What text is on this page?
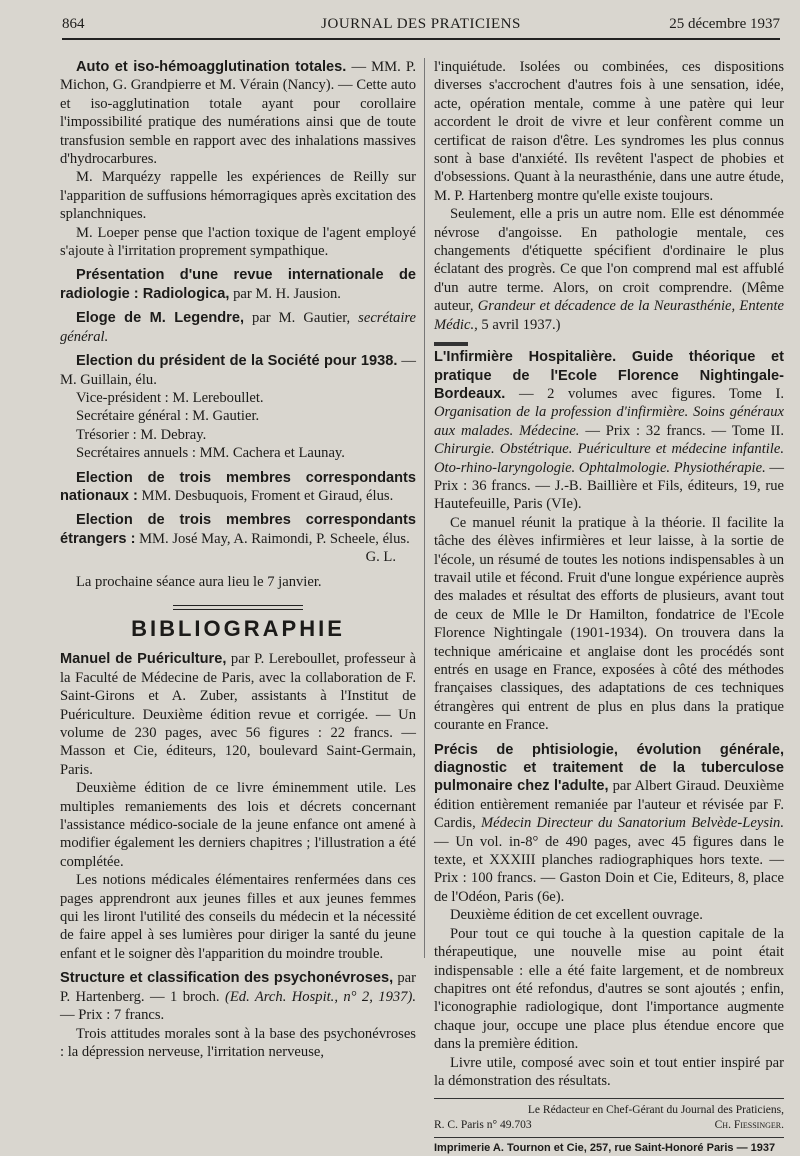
864	JOURNAL DES PRATICIENS	25 décembre 1937

Auto et iso-hémoagglutination totales. — MM. P. Michon, G. Grandpierre et M. Vérain (Nancy). — Cette auto et iso-agglutination totale ayant pour corollaire l'impossibilité pratique des numérations ainsi que de toute transfusion semble en rapport avec des inhalations massives d'hydrocarbures.

M. Marquézy rappelle les expériences de Reilly sur l'apparition de suffusions hémorragiques après excitation des splanchniques.

M. Loeper pense que l'action toxique de l'agent employé s'ajoute à l'irritation proprement sympathique.

Présentation d'une revue internationale de radiologie : Radiologica, par M. H. Jausion.

Eloge de M. Legendre, par M. Gautier, secrétaire général.

Election du président de la Société pour 1938. — M. Guillain, élu.

Vice-président : M. Lereboullet.

Secrétaire général : M. Gautier.

Trésorier : M. Debray.

Secrétaires annuels : MM. Cachera et Launay.

Election de trois membres correspondants nationaux : MM. Desbuquois, Froment et Giraud, élus.

Election de trois membres correspondants étrangers : MM. José May, A. Raimondi, P. Scheele, élus.

G. L.

La prochaine séance aura lieu le 7 janvier.

BIBLIOGRAPHIE

Manuel de Puériculture, par P. Lereboullet, professeur à la Faculté de Médecine de Paris, avec la collaboration de F. Saint-Girons et A. Zuber, assistants à l'Institut de Puériculture. Deuxième édition revue et corrigée. — Un volume de 230 pages, avec 56 figures : 22 francs. — Masson et Cie, éditeurs, 120, boulevard Saint-Germain, Paris.

Deuxième édition de ce livre éminemment utile. Les multiples remaniements des lois et décrets concernant l'assistance médico-sociale de la jeune enfance ont amené à modifier également les derniers chapitres ; l'illustration a été complétée.

Les notions médicales élémentaires renfermées dans ces pages apprendront aux jeunes filles et aux jeunes femmes qui les liront l'utilité des conseils du médecin et la nécessité de faire appel à ses lumières pour diriger la santé du jeune enfant et le soigner dès l'apparition du moindre trouble.

Structure et classification des psychonévroses, par P. Hartenberg. — 1 broch. (Ed. Arch. Hospit., n° 2, 1937). — Prix : 7 francs.

Trois attitudes morales sont à la base des psychonévroses : la dépression nerveuse, l'irritation nerveuse,

l'inquiétude. Isolées ou combinées, ces dispositions diverses s'accrochent d'autres fois à une sensation, idée, acte, opération mentale, comme à une patère qui leur accordent le droit de vivre et leur confèrent comme un certificat de raison d'être. Les syndromes les plus connus sont à base d'anxiété. Ils revêtent l'aspect de phobies et d'obsessions. Quant à la neurasthénie, dans une autre étude, M. P. Hartenberg montre qu'elle existe toujours.

Seulement, elle a pris un autre nom. Elle est dénommée névrose d'angoisse. En pathologie mentale, ces changements d'étiquette spécifient d'ordinaire le plus éclatant des progrès. Ce que l'on comprend mal est affublé d'un autre terme. Alors, on croit comprendre. (Même auteur, Grandeur et décadence de la Neurasthénie, Entente Médic., 5 avril 1937.)

L'Infirmière Hospitalière. Guide théorique et pratique de l'Ecole Florence Nightingale-Bordeaux. — 2 volumes avec figures. Tome I. Organisation de la profession d'infirmière. Soins généraux aux malades. Médecine. — Prix : 32 francs. — Tome II. Chirurgie. Obstétrique. Puériculture et médecine infantile. Oto-rhino-laryngologie. Ophtalmologie. Physiothérapie. — Prix : 36 francs. — J.-B. Baillière et Fils, éditeurs, 19, rue Hautefeuille, Paris (VIe).

Ce manuel réunit la pratique à la théorie. Il facilite la tâche des élèves infirmières et leur laisse, à la sortie de l'école, un résumé de toutes les notions indispensables à un travail utile et fécond. Fruit d'une longue expérience auprès des malades et résultat des efforts de plusieurs, avant tout de ceux de Mlle le Dr Hamilton, fondatrice de l'Ecole Florence Nightingale (1901-1934). On trouvera dans la technique américaine et anglaise dont les procédés sont entrés en usage en France, exposées à côté des méthodes françaises classiques, des adaptations de ces techniques étrangères qui entrent de plus en plus dans la pratique courante en France.

Précis de phtisiologie, évolution générale, diagnostic et traitement de la tuberculose pulmonaire chez l'adulte, par Albert Giraud. Deuxième édition entièrement remaniée par l'auteur et révisée par F. Cardis, Médecin Directeur du Sanatorium Belvède-Leysin. — Un vol. in-8° de 490 pages, avec 45 figures dans le texte, et XXXIII planches radiographiques hors texte. — Prix : 100 francs. — Gaston Doin et Cie, Editeurs, 8, place de l'Odéon, Paris (6e).

Deuxième édition de cet excellent ouvrage.

Pour tout ce qui touche à la question capitale de la thérapeutique, une nouvelle mise au point était indispensable : elle a été faite largement, et de nombreux chapitres ont été refondus, d'autres se sont ajoutés ; enfin, l'iconographie radiologique, dont l'importance augmente chaque jour, occupe une place plus étendue encore que dans la première édition.

Livre utile, composé avec soin et tout entier inspiré par la démonstration des résultats.

Le Rédacteur en Chef-Gérant du Journal des Praticiens,
R. C. Paris n° 49.703	Ch. Fiessinger.
Imprimerie A. Tournon et Cie, 257, rue Saint-Honoré Paris — 1937
